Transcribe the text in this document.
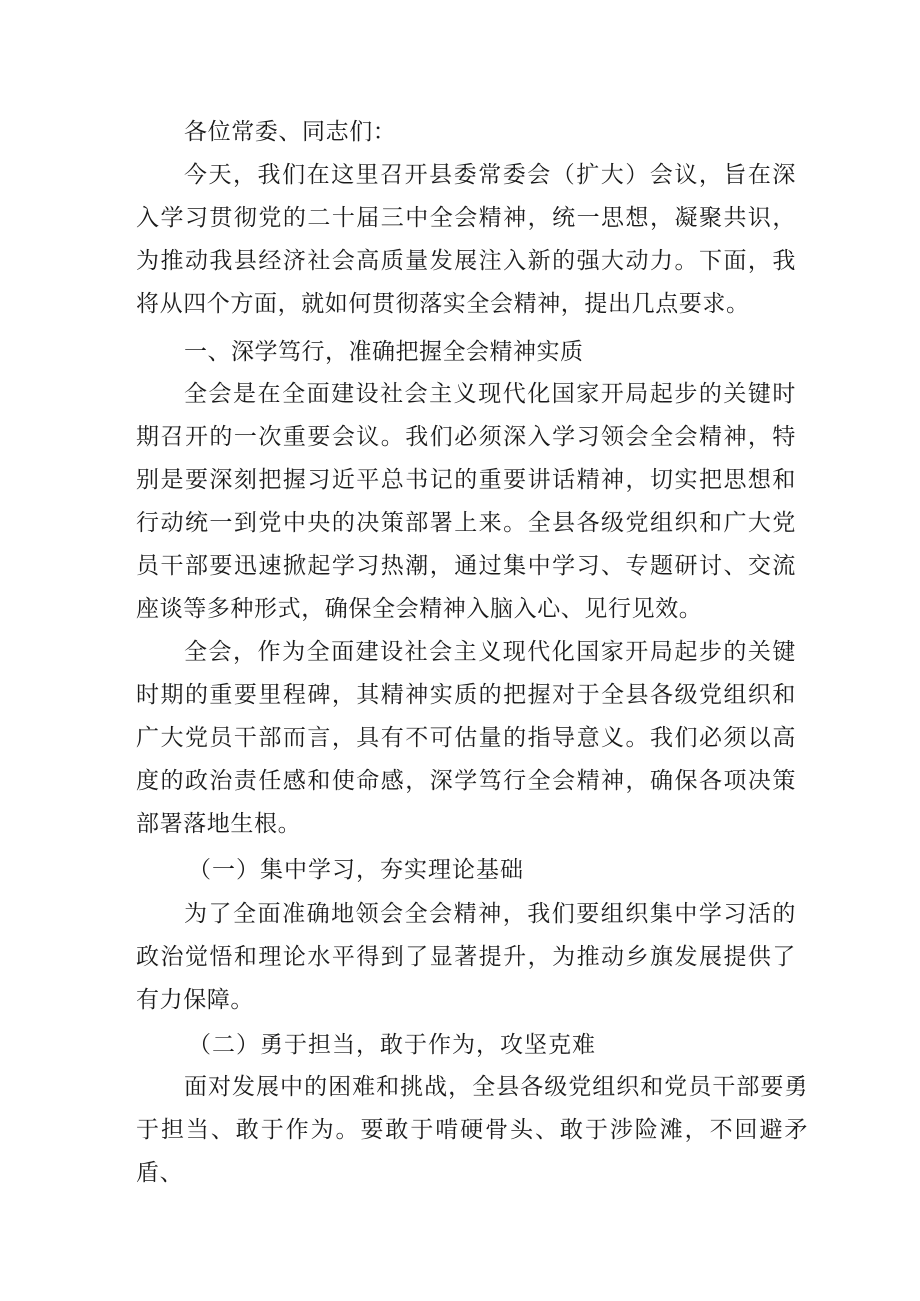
各位常委、同志们：

今天，我们在这里召开县委常委会（扩大）会议，旨在深入学习贯彻党的二十届三中全会精神，统一思想，凝聚共识，为推动我县经济社会高质量发展注入新的强大动力。下面，我将从四个方面，就如何贯彻落实全会精神，提出几点要求。

一、深学笃行，准确把握全会精神实质

全会是在全面建设社会主义现代化国家开局起步的关键时期召开的一次重要会议。我们必须深入学习领会全会精神，特别是要深刻把握习近平总书记的重要讲话精神，切实把思想和行动统一到党中央的决策部署上来。全县各级党组织和广大党员干部要迅速掀起学习热潮，通过集中学习、专题研讨、交流座谈等多种形式，确保全会精神入脑入心、见行见效。

全会，作为全面建设社会主义现代化国家开局起步的关键时期的重要里程碑，其精神实质的把握对于全县各级党组织和广大党员干部而言，具有不可估量的指导意义。我们必须以高度的政治责任感和使命感，深学笃行全会精神，确保各项决策部署落地生根。

（一）集中学习，夯实理论基础

为了全面准确地领会全会精神，我们要组织集中学习活的政治觉悟和理论水平得到了显著提升，为推动乡旗发展提供了有力保障。

（二）勇于担当，敢于作为，攻坚克难

面对发展中的困难和挑战，全县各级党组织和党员干部要勇于担当、敢于作为。要敢于啃硬骨头、敢于涉险滩，不回避矛盾、
